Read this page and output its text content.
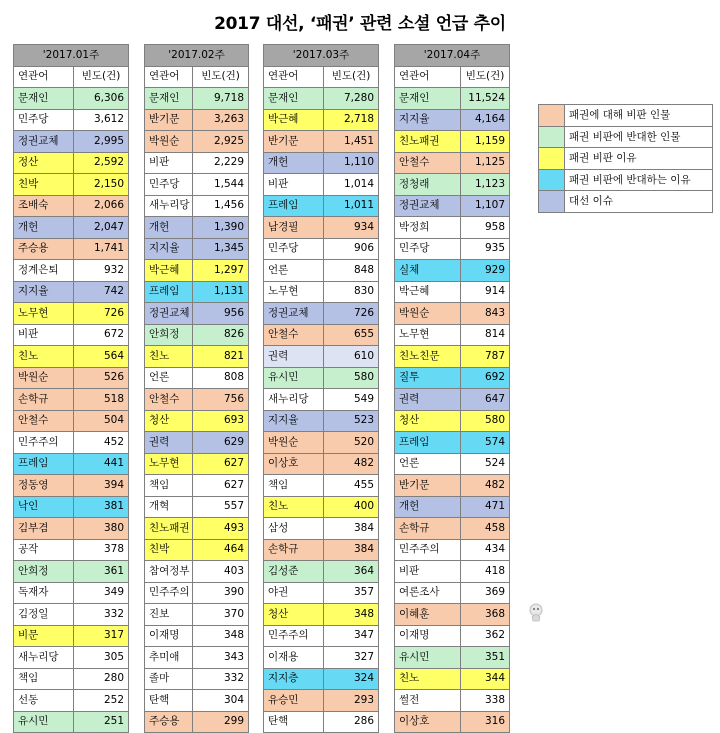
2017 대선, ‘패권’ 관련 소셜 언급 추이
'2017.01주	
연관어	빈도(건)
문재인	6,306
민주당	3,612
정권교체	2,995
정산	2,592
친박	2,150
조배숙	2,066
개헌	2,047
주승용	1,741
정계은퇴	932
지지율	742
노무현	726
비판	672
친노	564
박원순	526
손학규	518
안철수	504
민주주의	452
프레임	441
정동영	394
낙인	381
김부겸	380
공작	378
안희정	361
독재자	349
김정일	332
비문	317
새누리당	305
책임	280
선동	252
유시민	251
'2017.02주	
연관어	빈도(건)
문재인	9,718
반기문	3,263
박원순	2,925
비판	2,229
민주당	1,544
새누리당	1,456
개헌	1,390
지지율	1,345
박근혜	1,297
프레임	1,131
정권교체	956
안희정	826
친노	821
언론	808
안철수	756
청산	693
권력	629
노무현	627
책임	627
개혁	557
친노패권	493
친박	464
참여정부	403
민주주의	390
진보	370
이재명	348
추미애	343
졸마	332
탄핵	304
주승용	299
'2017.03주	
연관어	빈도(건)
문재인	7,280
박근혜	2,718
반기문	1,451
개헌	1,110
비판	1,014
프레임	1,011
남경필	934
민주당	906
언론	848
노무현	830
정권교체	726
안철수	655
권력	610
유시민	580
새누리당	549
지지율	523
박원순	520
이상호	482
책임	455
친노	400
삼성	384
손학규	384
김성준	364
야권	357
청산	348
민주주의	347
이재용	327
지지층	324
유승민	293
탄핵	286
'2017.04주	
연관어	빈도(건)
문재인	11,524
지지율	4,164
친노패권	1,159
안철수	1,125
정청래	1,123
정권교체	1,107
박정희	958
민주당	935
실체	929
박근혜	914
박원순	843
노무현	814
친노친문	787
질투	692
권력	647
청산	580
프레임	574
언론	524
반기문	482
개헌	471
손학규	458
민주주의	434
비판	418
여론조사	369
이혜훈	368
이재명	362
유시민	351
친노	344
썰전	338
이상호	316
	패권에 대해 비판 인물
	패권 비판에 반대한 인물
	패권 비판 이유
	패권 비판에 반대하는 이유
	대선 이슈
